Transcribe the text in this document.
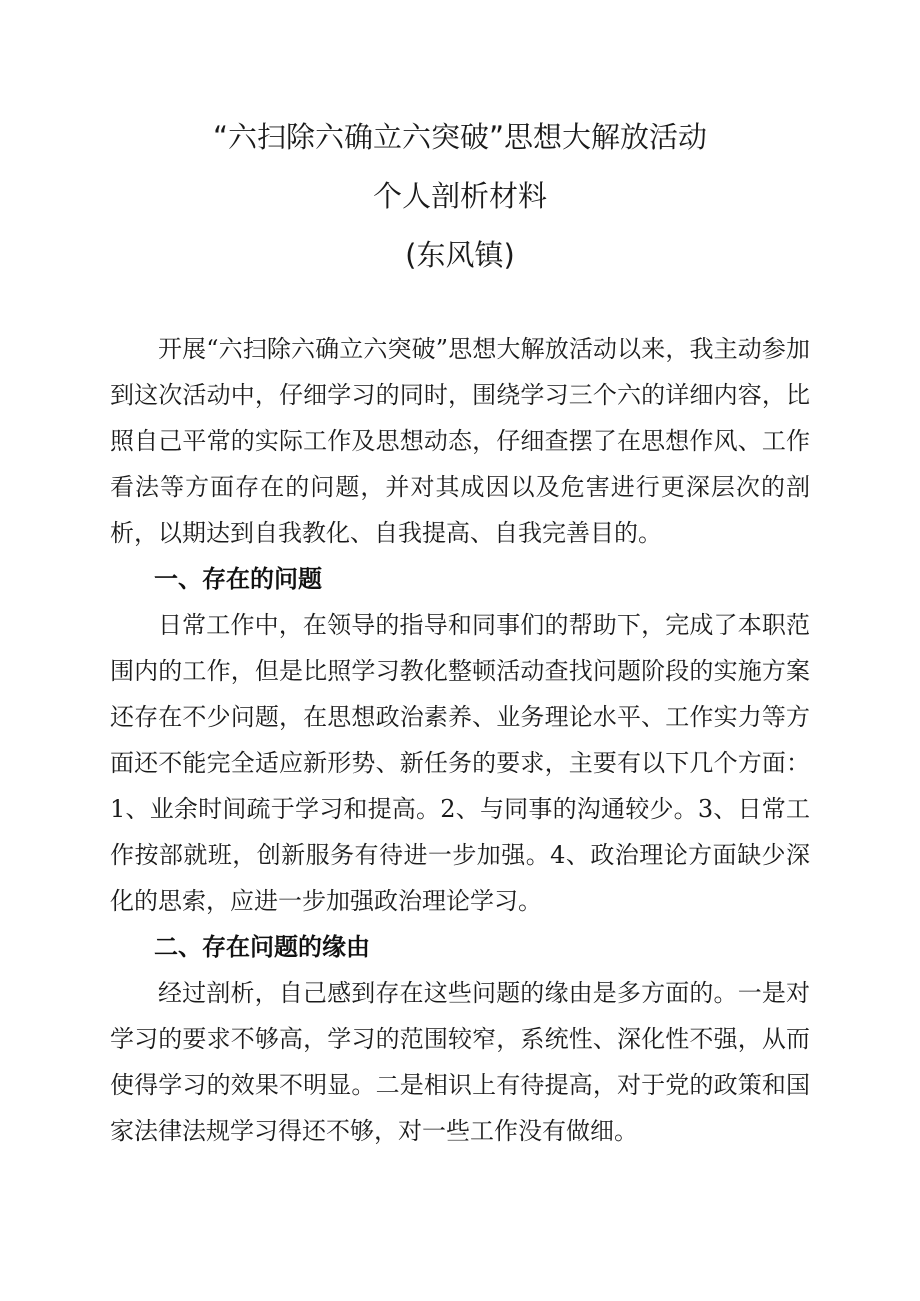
“六扫除六确立六突破”思想大解放活动
个人剖析材料
(东风镇)
开展“六扫除六确立六突破”思想大解放活动以来，我主动参加到这次活动中，仔细学习的同时，围绕学习三个六的详细内容，比照自己平常的实际工作及思想动态，仔细查摆了在思想作风、工作看法等方面存在的问题，并对其成因以及危害进行更深层次的剖析，以期达到自我教化、自我提高、自我完善目的。
一、存在的问题
日常工作中，在领导的指导和同事们的帮助下，完成了本职范围内的工作，但是比照学习教化整顿活动查找问题阶段的实施方案还存在不少问题，在思想政治素养、业务理论水平、工作实力等方面还不能完全适应新形势、新任务的要求，主要有以下几个方面：1、业余时间疏于学习和提高。2、与同事的沟通较少。3、日常工作按部就班，创新服务有待进一步加强。4、政治理论方面缺少深化的思索，应进一步加强政治理论学习。
二、存在问题的缘由
经过剖析，自己感到存在这些问题的缘由是多方面的。一是对学习的要求不够高，学习的范围较窄，系统性、深化性不强，从而使得学习的效果不明显。二是相识上有待提高，对于党的政策和国家法律法规学习得还不够，对一些工作没有做细。
